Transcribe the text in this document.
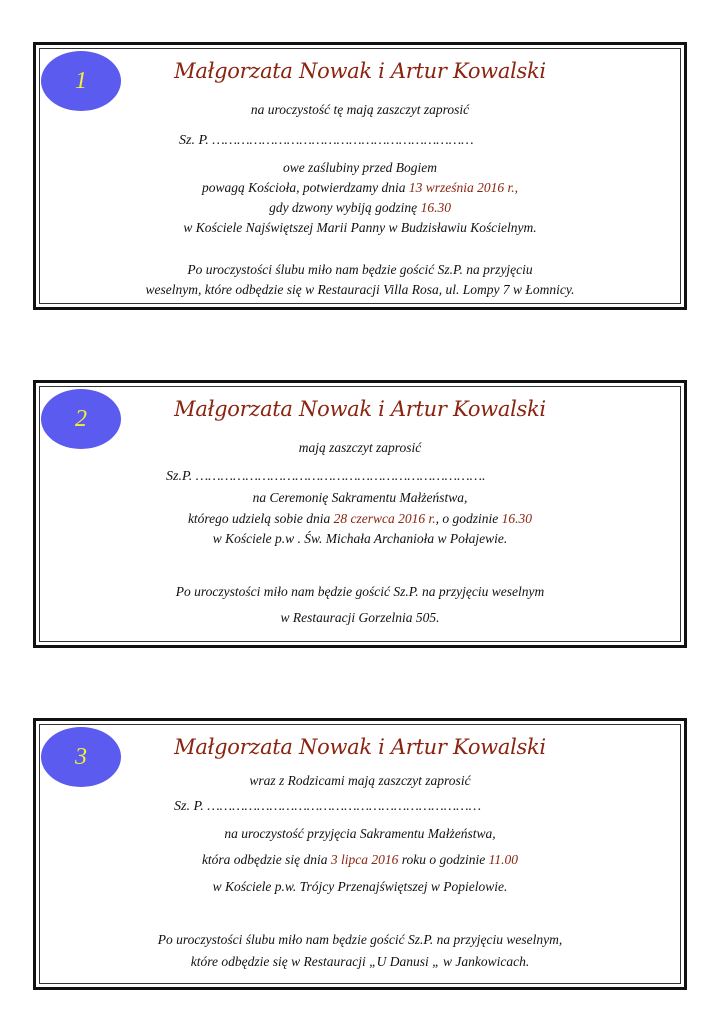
1	Małgorzata Nowak i Artur Kowalski
na uroczystość tę mają zaszczyt zaprosić
Sz. P. ………………………………………………………
owe zaślubiny przed Bogiem
powagą Kościoła, potwierdzamy dnia 13 września 2016 r.,
gdy dzwony wybiją godzinę 16.30
w Kościele Najświętszej Marii Panny w Budzisławiu Kościelnym.
Po uroczystości ślubu miło nam będzie gościć Sz.P. na przyjęciu
weselnym, które odbędzie się w Restauracji Villa Rosa, ul. Lompy 7 w Łomnicy.
2	Małgorzata Nowak i Artur Kowalski
mają zaszczyt zaprosić
Sz.P. …………………………………………………………….
na Ceremonię Sakramentu Małżeństwa,
którego udzielą sobie dnia 28 czerwca 2016 r., o godzinie 16.30
w Kościele p.w . Św. Michała Archanioła w Połajewie.
Po uroczystości miło nam będzie gościć Sz.P. na przyjęciu weselnym
w Restauracji Gorzelnia 505.
3	Małgorzata Nowak i Artur Kowalski
wraz z Rodzicami mają zaszczyt zaprosić
Sz. P. …………………………………………………………
na uroczystość przyjęcia Sakramentu Małżeństwa,
która odbędzie się dnia 3 lipca 2016 roku o godzinie 11.00
w Kościele p.w. Trójcy Przenajświętszej w Popielowie.
Po uroczystości ślubu miło nam będzie gościć Sz.P. na przyjęciu weselnym,
które odbędzie się w Restauracji „U Danusi „ w Jankowicach.
